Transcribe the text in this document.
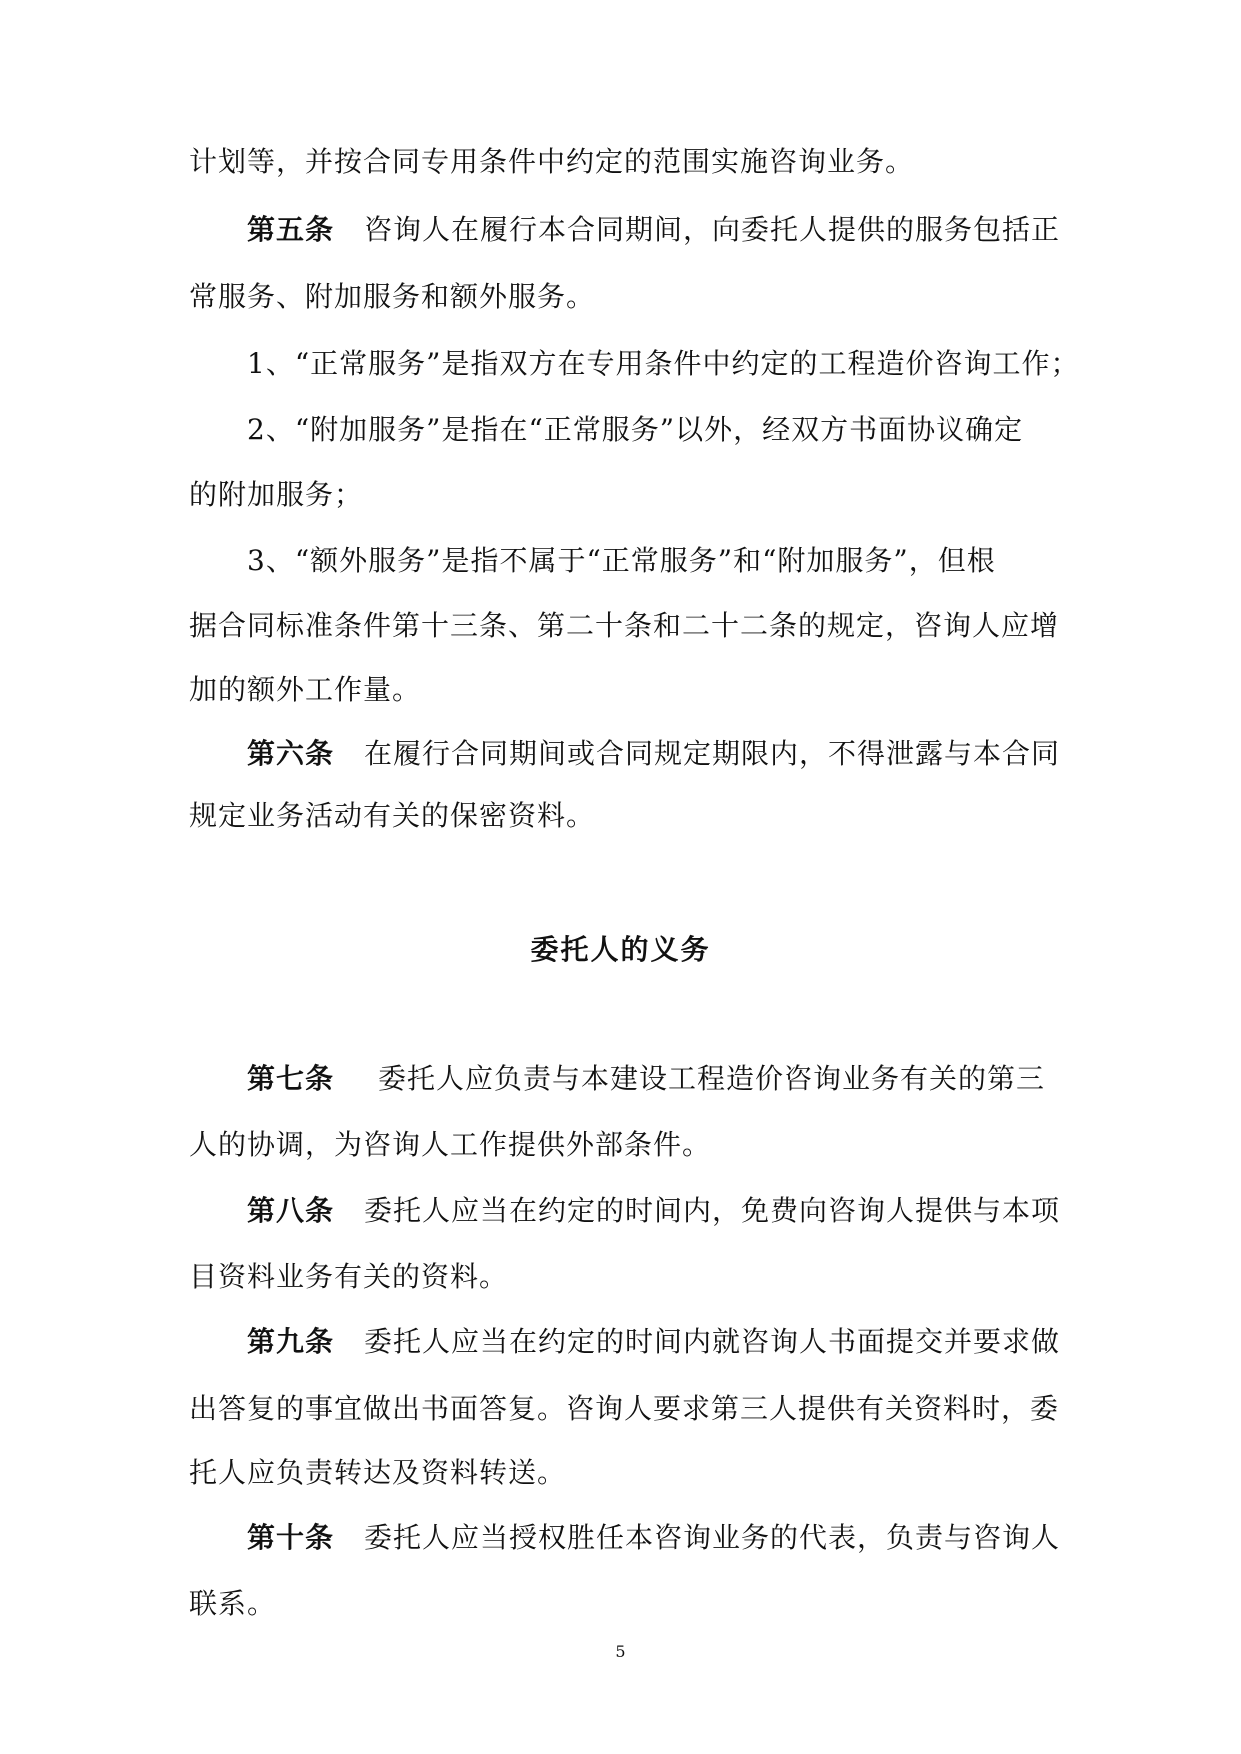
计划等，并按合同专用条件中约定的范围实施咨询业务。
第五条 咨询人在履行本合同期间，向委托人提供的服务包括正
常服务、附加服务和额外服务。
1、“正常服务”是指双方在专用条件中约定的工程造价咨询工作；
2、“附加服务”是指在“正常服务”以外，经双方书面协议确定
的附加服务；
3、“额外服务”是指不属于“正常服务”和“附加服务”，但根
据合同标准条件第十三条、第二十条和二十二条的规定，咨询人应增
加的额外工作量。
第六条 在履行合同期间或合同规定期限内，不得泄露与本合同
规定业务活动有关的保密资料。
委托人的义务
第七条 委托人应负责与本建设工程造价咨询业务有关的第三
人的协调，为咨询人工作提供外部条件。
第八条 委托人应当在约定的时间内，免费向咨询人提供与本项
目资料业务有关的资料。
第九条 委托人应当在约定的时间内就咨询人书面提交并要求做
出答复的事宜做出书面答复。咨询人要求第三人提供有关资料时，委
托人应负责转达及资料转送。
第十条 委托人应当授权胜任本咨询业务的代表，负责与咨询人
联系。
5
